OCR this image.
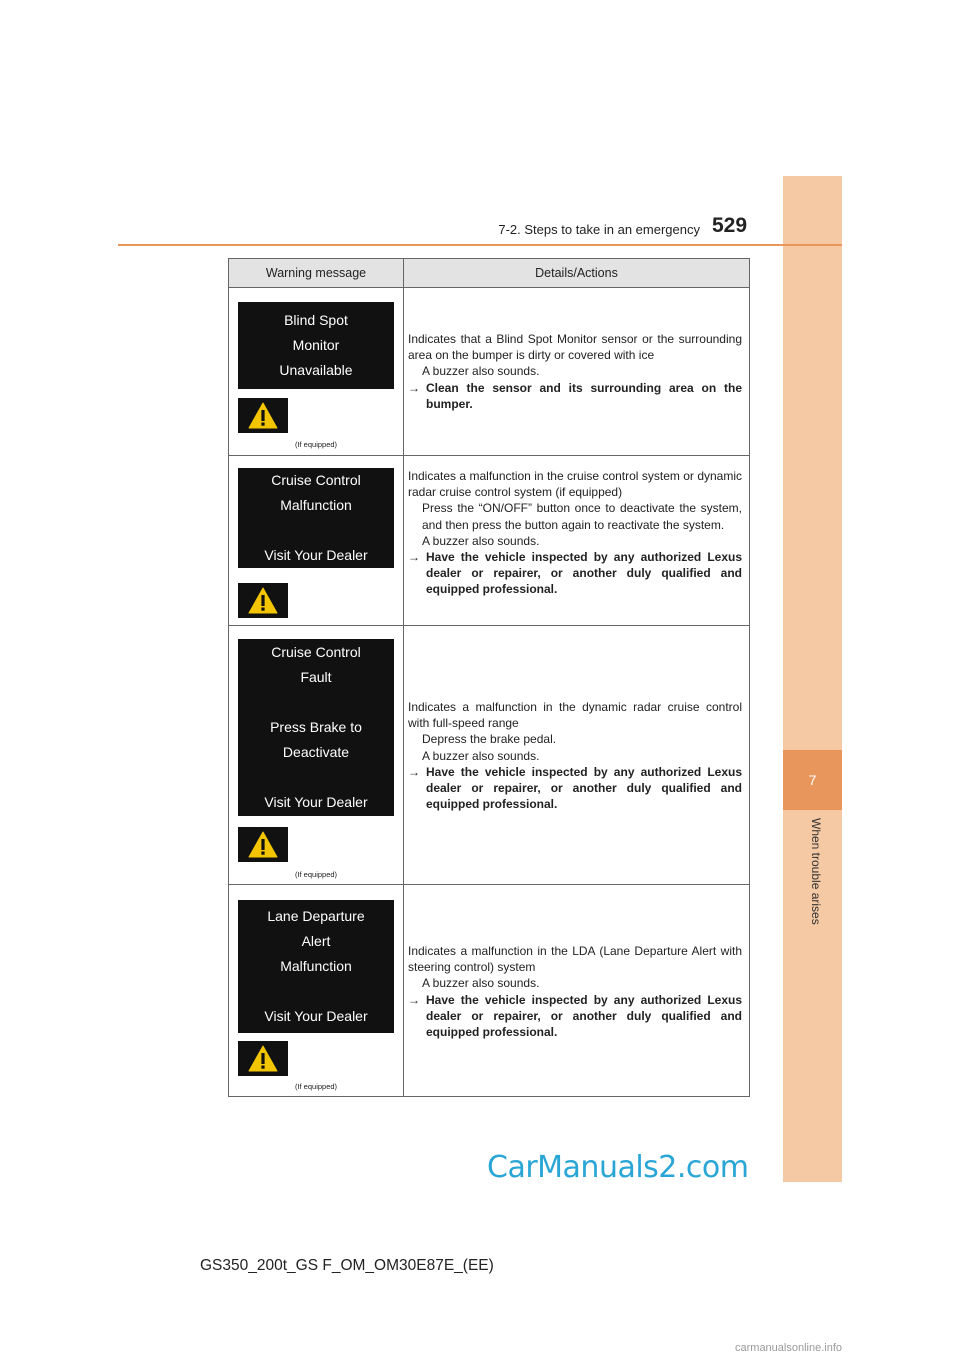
7
When trouble arises
7-2. Steps to take in an emergency 529
Warning message	Details/Actions
Blind Spot
Monitor
Unavailable
(If equipped)

Indicates that a Blind Spot Monitor sensor or the surrounding area on the bumper is dirty or covered with ice

A buzzer also sounds.

→ Clean the sensor and its surrounding area on the bumper.
Cruise Control
Malfunction
Visit Your Dealer

Indicates a malfunction in the cruise control system or dynamic radar cruise control system (if equipped)

Press the “ON/OFF” button once to deactivate the system, and then press the button again to reactivate the system.

A buzzer also sounds.

→ Have the vehicle inspected by any authorized Lexus dealer or repairer, or another duly qualified and equipped professional.
Cruise Control
Fault
Press Brake to
Deactivate
Visit Your Dealer
(If equipped)

Indicates a malfunction in the dynamic radar cruise control with full-speed range

Depress the brake pedal.

A buzzer also sounds.

→ Have the vehicle inspected by any authorized Lexus dealer or repairer, or another duly qualified and equipped professional.
Lane Departure
Alert
Malfunction
Visit Your Dealer
(If equipped)

Indicates a malfunction in the LDA (Lane Departure Alert with steering control) system

A buzzer also sounds.

→ Have the vehicle inspected by any authorized Lexus dealer or repairer, or another duly qualified and equipped professional.
CarManuals2.com
GS350_200t_GS F_OM_OM30E87E_(EE)
carmanualsonline.info
